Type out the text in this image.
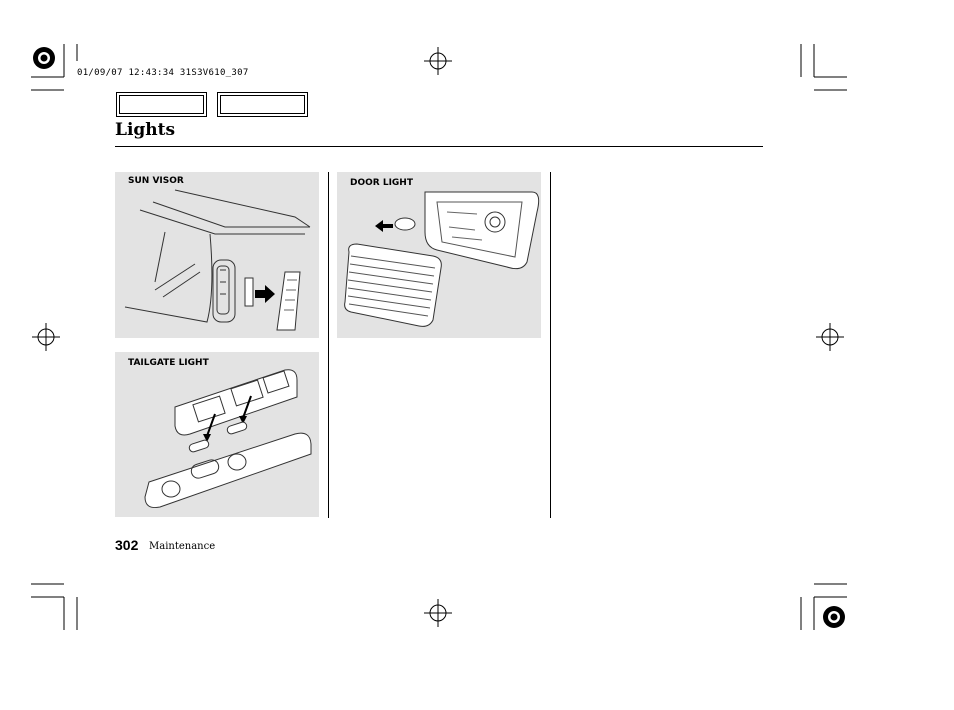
01/09/07 12:43:34 31S3V610_307
Lights
SUN VISOR	DOOR LIGHT
TAILGATE LIGHT
302 Maintenance
